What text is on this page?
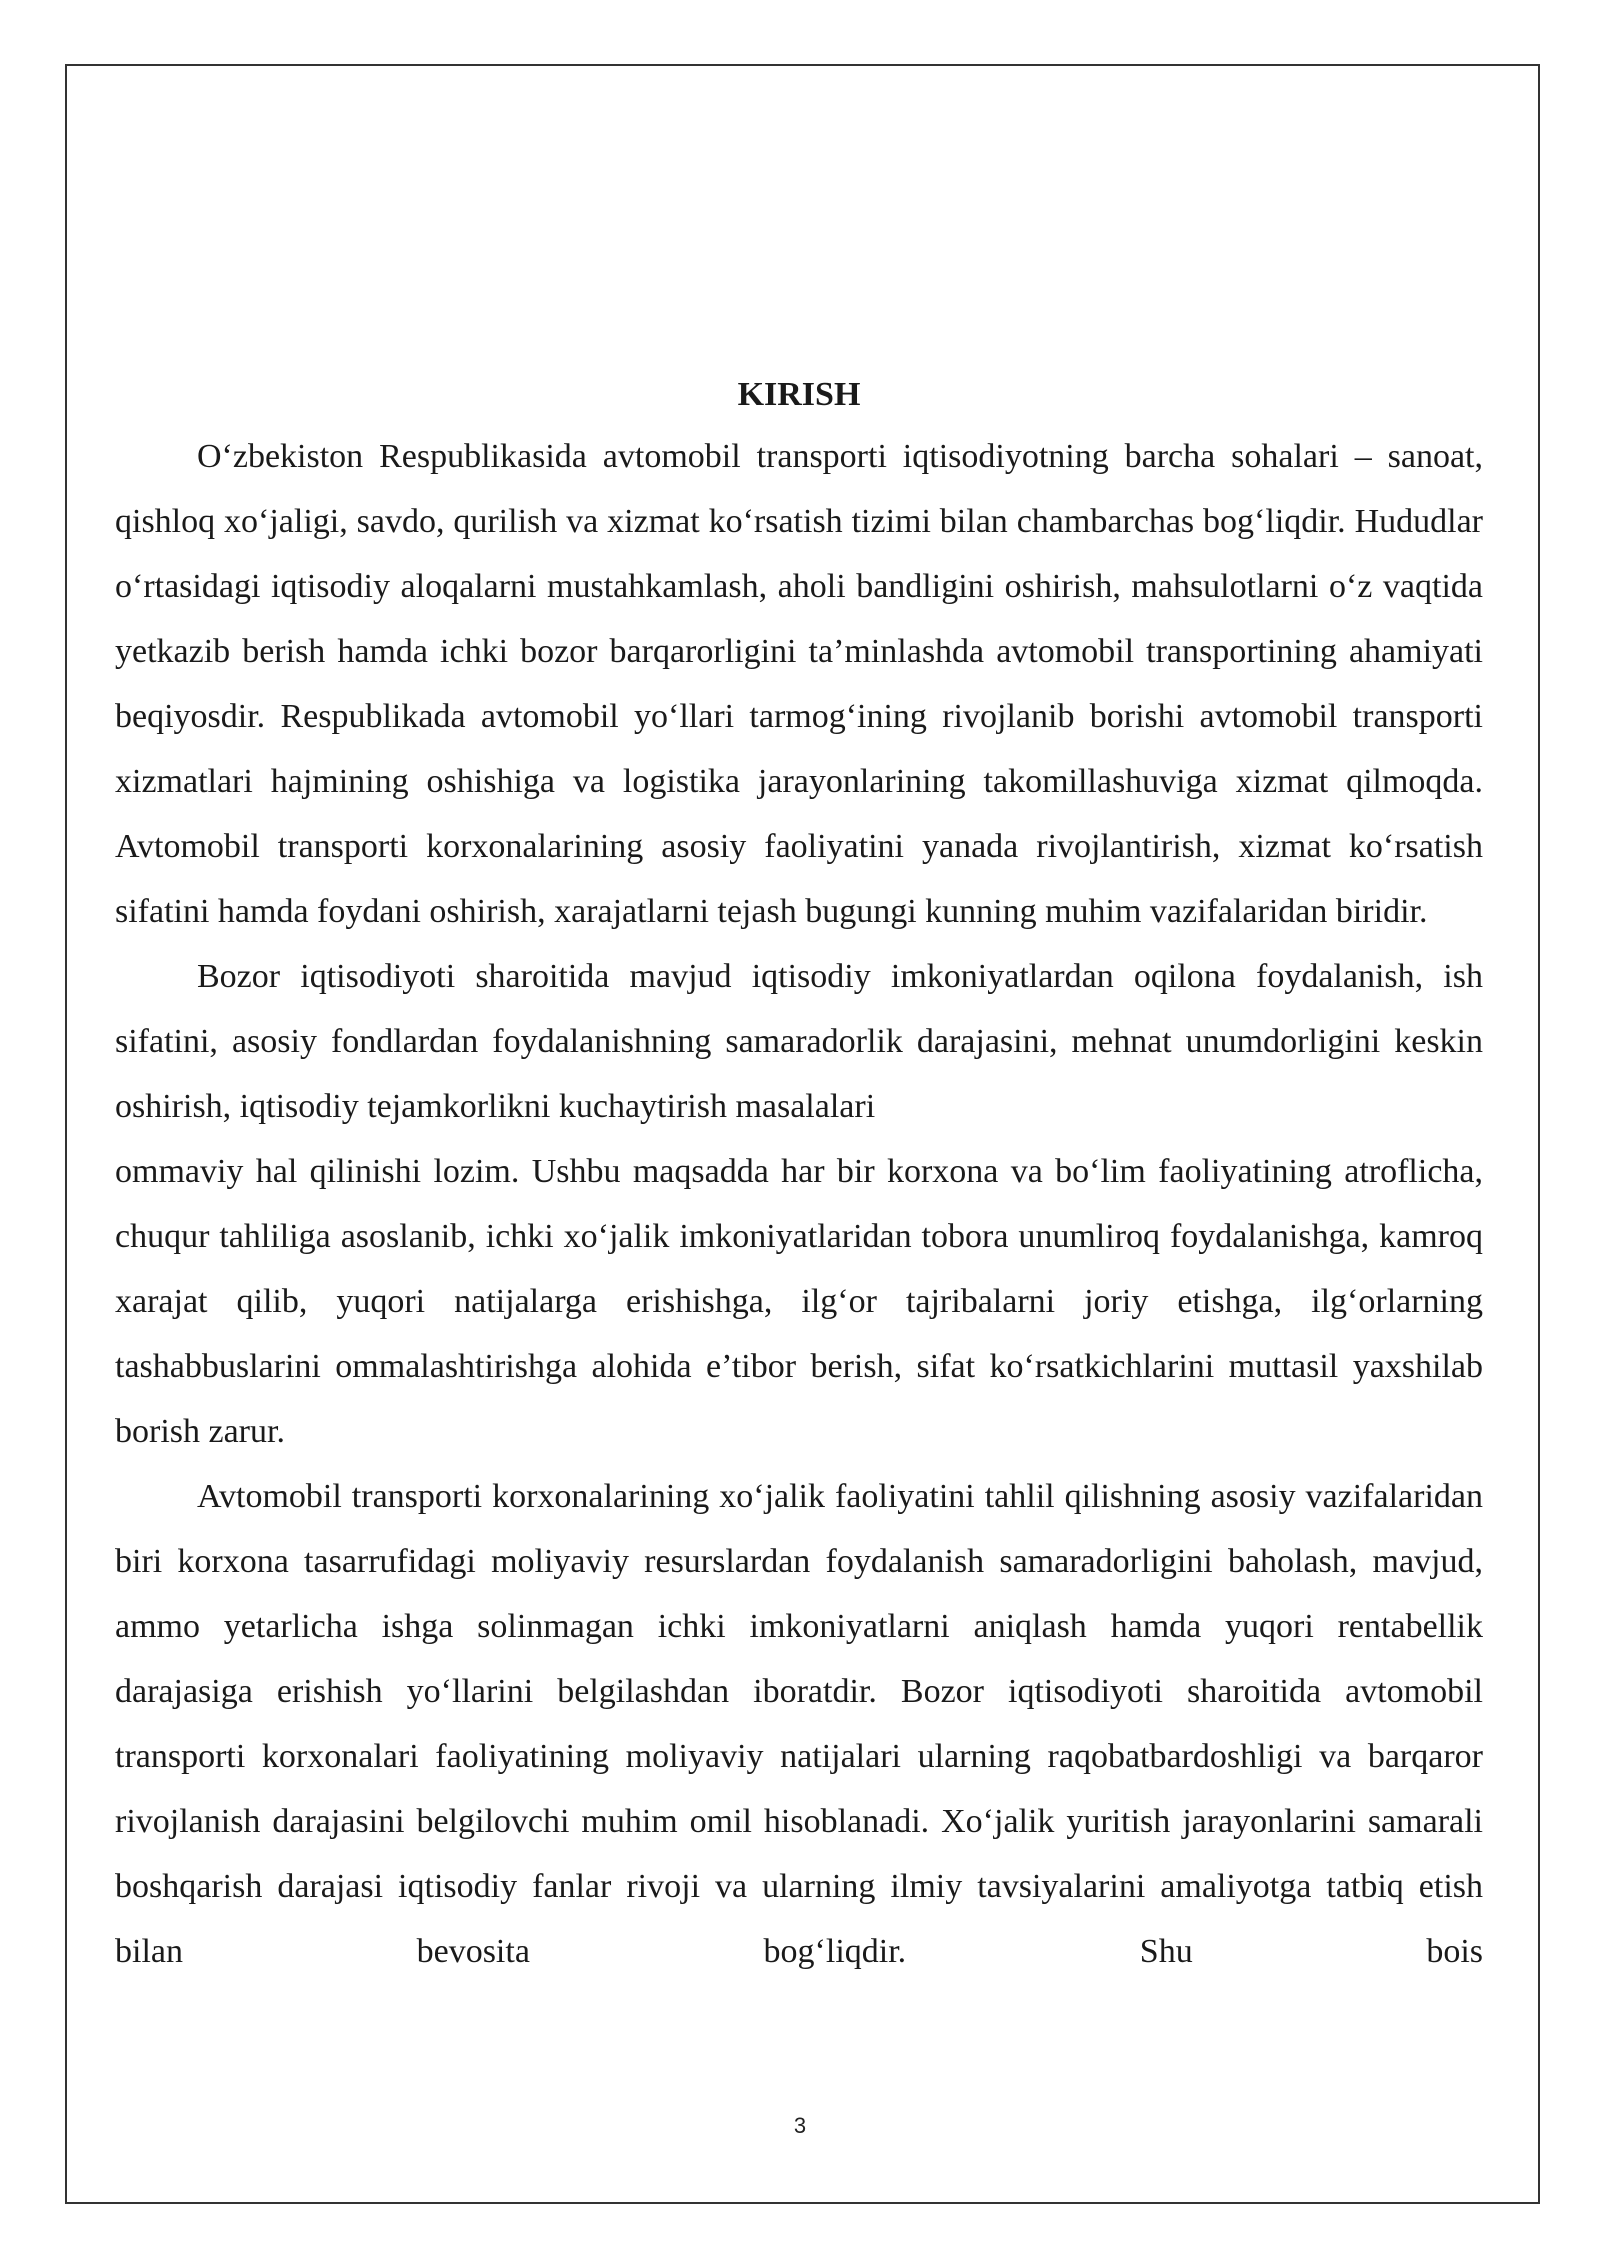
KIRISH

O‘zbekiston Respublikasida avtomobil transporti iqtisodiyotning barcha sohalari – sanoat, qishloq xo‘jaligi, savdo, qurilish va xizmat ko‘rsatish tizimi bilan chambarchas bog‘liqdir. Hududlar o‘rtasidagi iqtisodiy aloqalarni mustahkamlash, aholi bandligini oshirish, mahsulotlarni o‘z vaqtida yetkazib berish hamda ichki bozor barqarorligini ta’minlashda avtomobil transportining ahamiyati beqiyosdir. Respublikada avtomobil yo‘llari tarmog‘ining rivojlanib borishi avtomobil transporti xizmatlari hajmining oshishiga va logistika jarayonlarining takomillashuviga xizmat qilmoqda. Avtomobil transporti korxonalarining asosiy faoliyatini yanada rivojlantirish, xizmat ko‘rsatish sifatini hamda foydani oshirish, xarajatlarni tejash bugungi kunning muhim vazifalaridan biridir.

Bozor iqtisodiyoti sharoitida mavjud iqtisodiy imkoniyatlardan oqilona foydalanish, ish sifatini, asosiy fondlardan foydalanishning samaradorlik darajasini, mehnat unumdorligini keskin oshirish, iqtisodiy tejamkorlikni kuchaytirish masalalari

ommaviy hal qilinishi lozim. Ushbu maqsadda har bir korxona va bo‘lim faoliyatining atroflicha, chuqur tahliliga asoslanib, ichki xo‘jalik imkoniyatlaridan tobora unumliroq foydalanishga, kamroq xarajat qilib, yuqori natijalarga erishishga, ilg‘or tajribalarni joriy etishga, ilg‘orlarning tashabbuslarini ommalashtirishga alohida e’tibor berish, sifat ko‘rsatkichlarini muttasil yaxshilab borish zarur.

Avtomobil transporti korxonalarining xo‘jalik faoliyatini tahlil qilishning asosiy vazifalaridan biri korxona tasarrufidagi moliyaviy resurslardan foydalanish samaradorligini baholash, mavjud, ammo yetarlicha ishga solinmagan ichki imkoniyatlarni aniqlash hamda yuqori rentabellik darajasiga erishish yo‘llarini belgilashdan iboratdir. Bozor iqtisodiyoti sharoitida avtomobil transporti korxonalari faoliyatining moliyaviy natijalari ularning raqobatbardoshligi va barqaror rivojlanish darajasini belgilovchi muhim omil hisoblanadi. Xo‘jalik yuritish jarayonlarini samarali boshqarish darajasi iqtisodiy fanlar rivoji va ularning ilmiy tavsiyalarini amaliyotga tatbiq etish bilan bevosita bog‘liqdir. Shu bois

3
